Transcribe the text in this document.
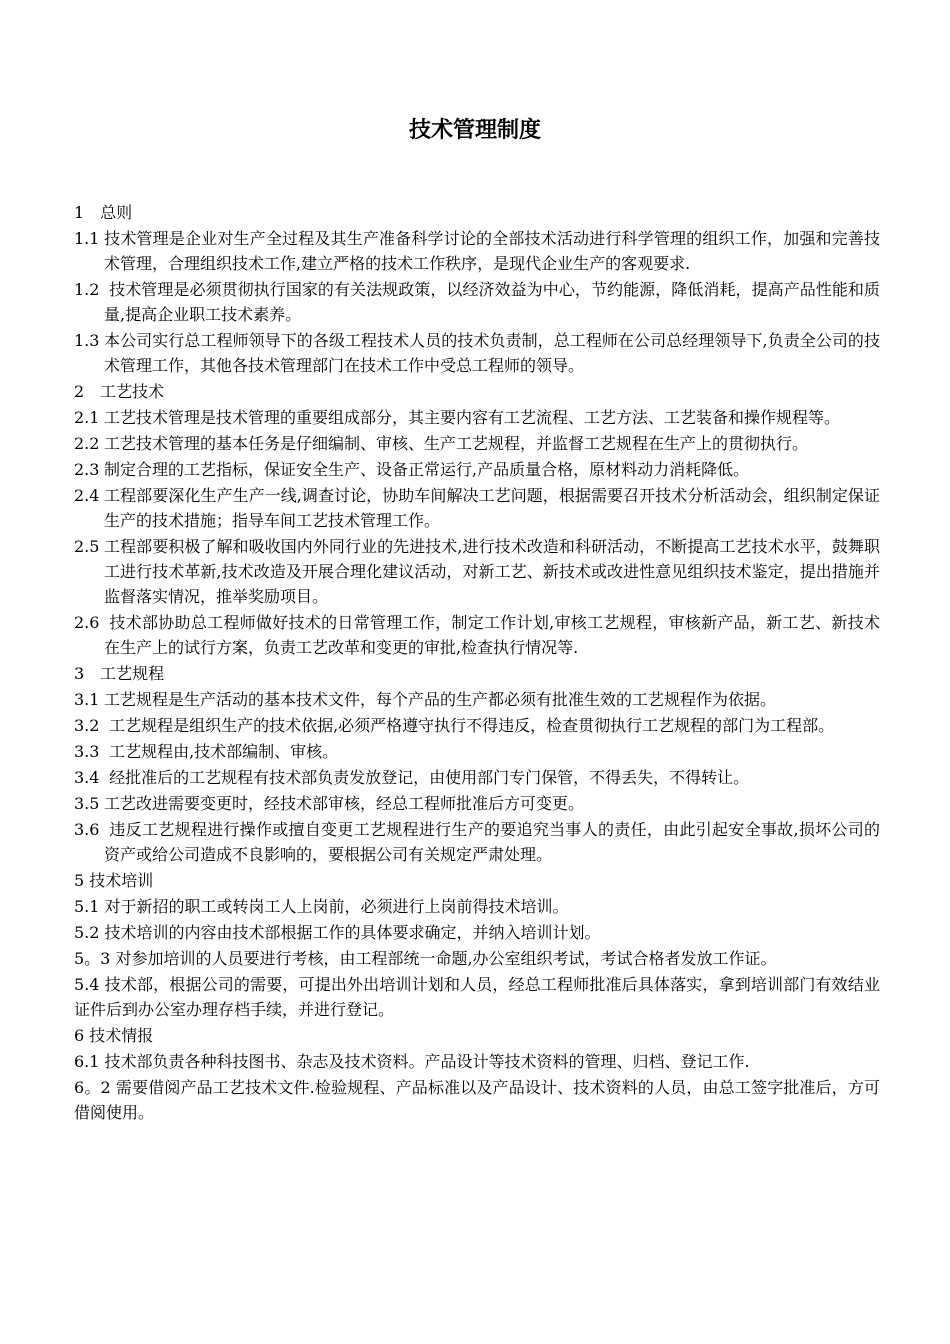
技术管理制度
1　总则
1.1 技术管理是企业对生产全过程及其生产准备科学讨论的全部技术活动进行科学管理的组织工作，加强和完善技术管理，合理组织技术工作,建立严格的技术工作秩序，是现代企业生产的客观要求.
1.2 技术管理是必须贯彻执行国家的有关法规政策，以经济效益为中心，节约能源，降低消耗，提高产品性能和质量,提高企业职工技术素养。
1.3 本公司实行总工程师领导下的各级工程技术人员的技术负责制，总工程师在公司总经理领导下,负责全公司的技术管理工作，其他各技术管理部门在技术工作中受总工程师的领导。
2　工艺技术
2.1 工艺技术管理是技术管理的重要组成部分，其主要内容有工艺流程、工艺方法、工艺装备和操作规程等。
2.2 工艺技术管理的基本任务是仔细编制、审核、生产工艺规程，并监督工艺规程在生产上的贯彻执行。
2.3 制定合理的工艺指标，保证安全生产、设备正常运行,产品质量合格，原材料动力消耗降低。
2.4 工程部要深化生产生产一线,调查讨论，协助车间解决工艺问题，根据需要召开技术分析活动会，组织制定保证生产的技术措施；指导车间工艺技术管理工作。
2.5 工程部要积极了解和吸收国内外同行业的先进技术,进行技术改造和科研活动，不断提高工艺技术水平，鼓舞职工进行技术革新,技术改造及开展合理化建议活动，对新工艺、新技术或改进性意见组织技术鉴定，提出措施并监督落实情况，推举奖励项目。
2.6 技术部协助总工程师做好技术的日常管理工作，制定工作计划,审核工艺规程，审核新产品，新工艺、新技术在生产上的试行方案，负责工艺改革和变更的审批,检查执行情况等.
3　工艺规程
3.1 工艺规程是生产活动的基本技术文件，每个产品的生产都必须有批准生效的工艺规程作为依据。
3.2 工艺规程是组织生产的技术依据,必须严格遵守执行不得违反，检查贯彻执行工艺规程的部门为工程部。
3.3 工艺规程由,技术部编制、审核。
3.4 经批准后的工艺规程有技术部负责发放登记，由使用部门专门保管，不得丢失，不得转让。
3.5 工艺改进需要变更时，经技术部审核，经总工程师批准后方可变更。
3.6 违反工艺规程进行操作或擅自变更工艺规程进行生产的要追究当事人的责任，由此引起安全事故,损坏公司的资产或给公司造成不良影响的，要根据公司有关规定严肃处理。
5 技术培训
5.1 对于新招的职工或转岗工人上岗前，必须进行上岗前得技术培训。
5.2 技术培训的内容由技术部根据工作的具体要求确定，并纳入培训计划。
5。3 对参加培训的人员要进行考核，由工程部统一命题,办公室组织考试，考试合格者发放工作证。
5.4 技术部，根据公司的需要，可提出外出培训计划和人员，经总工程师批准后具体落实，拿到培训部门有效结业证件后到办公室办理存档手续，并进行登记。
6 技术情报
6.1 技术部负责各种科技图书、杂志及技术资料。产品设计等技术资料的管理、归档、登记工作.
6。2 需要借阅产品工艺技术文件.检验规程、产品标准以及产品设计、技术资料的人员，由总工签字批准后，方可借阅使用。
